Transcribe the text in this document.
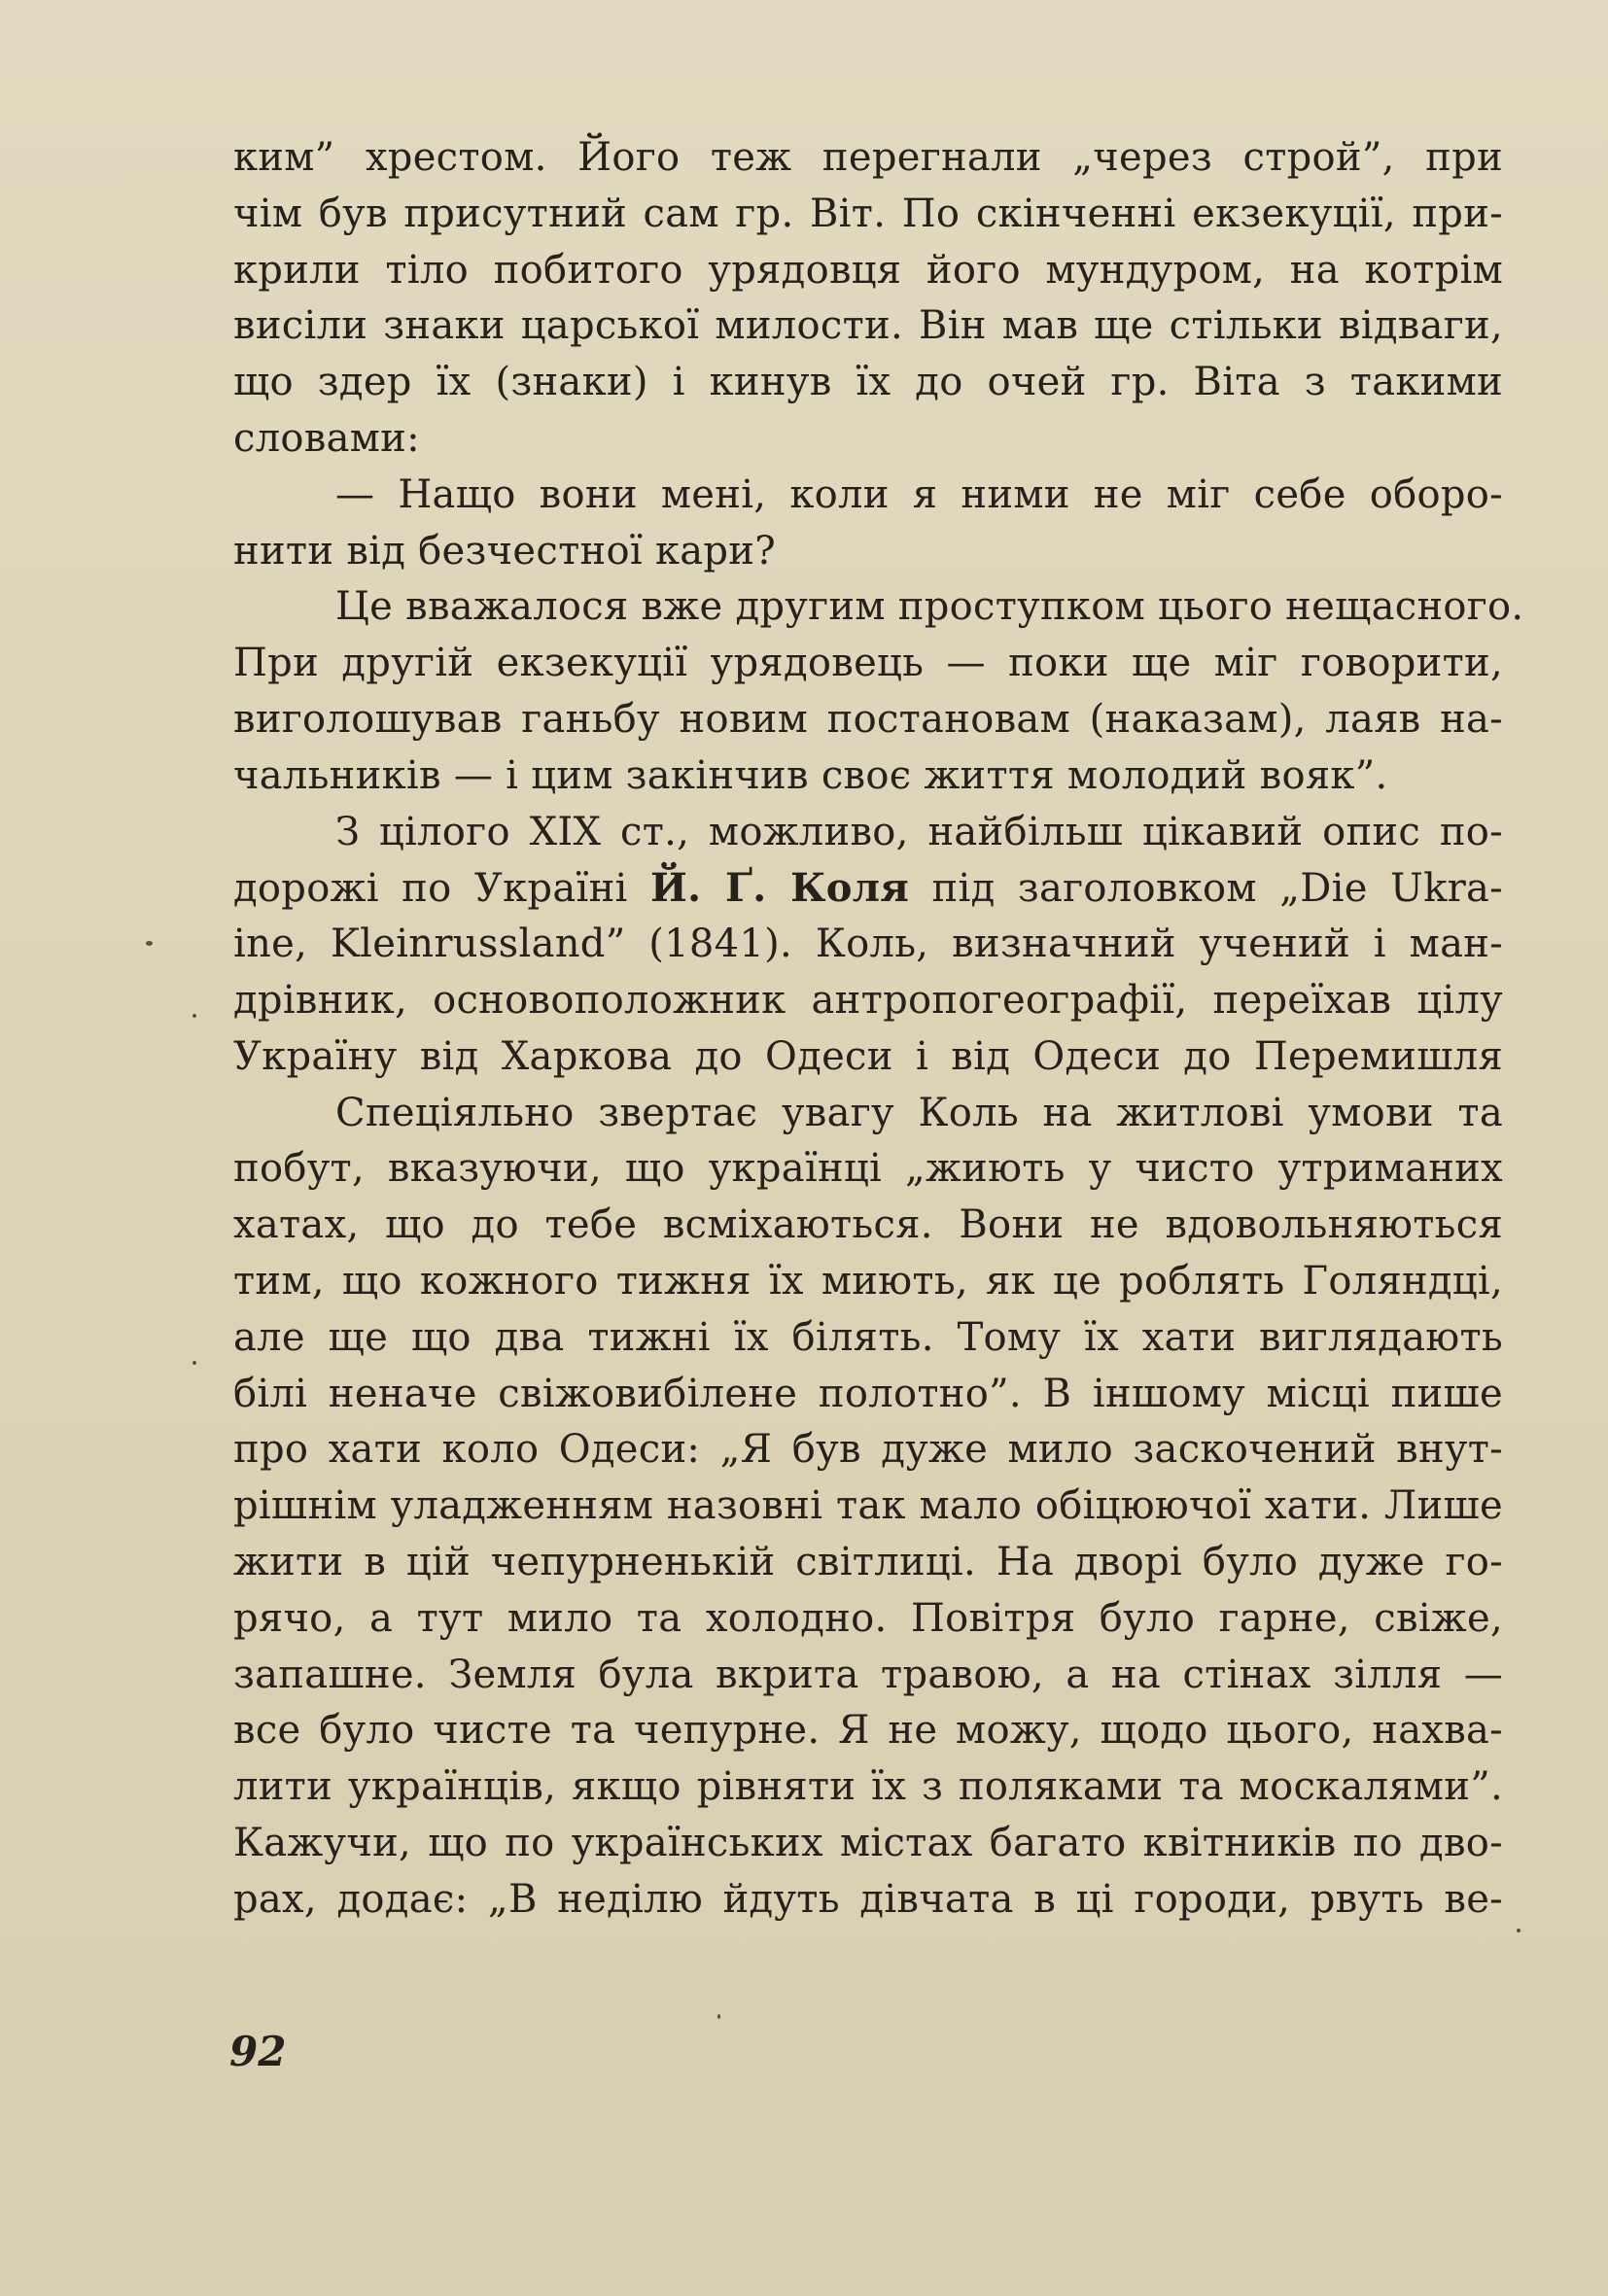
ким” хрестом. Його теж перегнали „через строй”, при
чім був присутний сам гр. Віт. По скінченні екзекуції, при-
крили тіло побитого урядовця його мундуром, на котрім
висіли знаки царської милости. Він мав ще стільки відваги,
що здер їх (знаки) і кинув їх до очей гр. Віта з такими
словами:
— Нащо вони мені, коли я ними не міг себе оборо-
нити від безчестної кари?
Це вважалося вже другим проступком цього нещасного.
При другій екзекуції урядовець — поки ще міг говорити,
виголошував ганьбу новим постановам (наказам), лаяв на-
чальників — і цим закінчив своє життя молодий вояк”.
З цілого XIX ст., можливо, найбільш цікавий опис по-
дорожі по Україні Й. Ґ. Коля під заголовком „Die Ukra-
ine, Kleinrussland” (1841). Коль, визначний учений і ман-
дрівник, основоположник антропогеографії, переїхав цілу
Україну від Харкова до Одеси і від Одеси до Перемишля
Спеціяльно звертає увагу Коль на житлові умови та
побут, вказуючи, що українці „жиють у чисто утриманих
хатах, що до тебе всміхаються. Вони не вдовольняються
тим, що кожного тижня їх миють, як це роблять Голяндці,
але ще що два тижні їх білять. Тому їх хати виглядають
білі неначе свіжовибілене полотно”. В іншому місці пише
про хати коло Одеси: „Я був дуже мило заскочений внут-
рішнім уладженням назовні так мало обіцюючої хати. Лише
жити в цій чепурненькій світлиці. На дворі було дуже го-
рячо, а тут мило та холодно. Повітря було гарне, свіже,
запашне. Земля була вкрита травою, а на стінах зілля —
все було чисте та чепурне. Я не можу, щодо цього, нахва-
лити українців, якщо рівняти їх з поляками та москалями”.
Кажучи, що по українських містах багато квітників по дво-
рах, додає: „В неділю йдуть дівчата в ці городи, рвуть ве-
92
